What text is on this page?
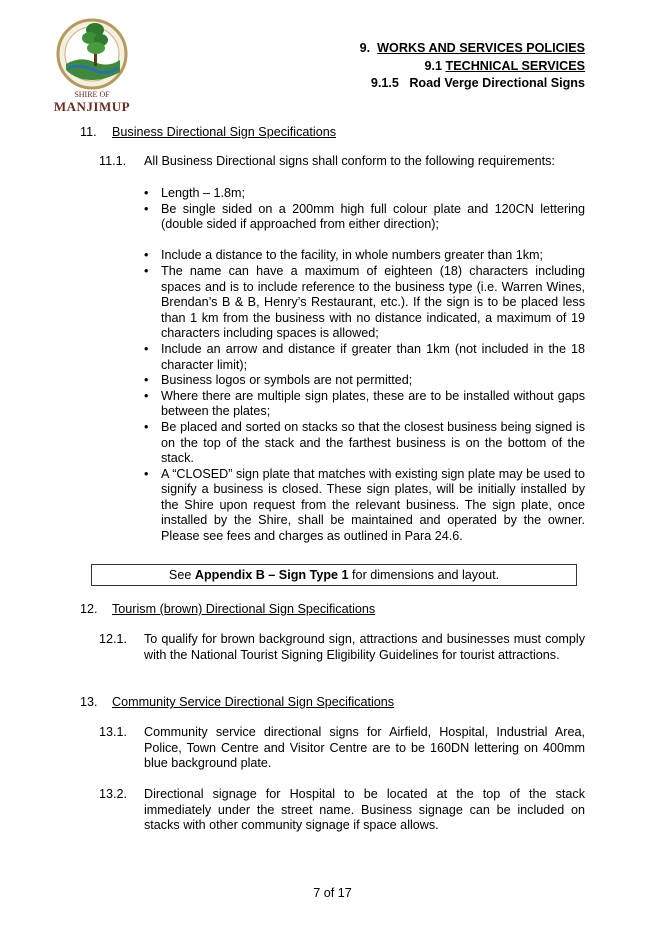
SHIRE OF
MANJIMUP
9. WORKS AND SERVICES POLICIES
9.1 TECHNICAL SERVICES
9.1.5   Road Verge Directional Signs
11. Business Directional Sign Specifications
11.1. All Business Directional signs shall conform to the following requirements:
• Length – 1.8m;
• Be single sided on a 200mm high full colour plate and 120CN lettering (double sided if approached from either direction);
• Include a distance to the facility, in whole numbers greater than 1km;
• The name can have a maximum of eighteen (18) characters including spaces and is to include reference to the business type (i.e. Warren Wines, Brendan’s B & B, Henry’s Restaurant, etc.). If the sign is to be placed less than 1 km from the business with no distance indicated, a maximum of 19 characters including spaces is allowed;
• Include an arrow and distance if greater than 1km (not included in the 18 character limit);
• Business logos or symbols are not permitted;
• Where there are multiple sign plates, these are to be installed without gaps between the plates;
• Be placed and sorted on stacks so that the closest business being signed is on the top of the stack and the farthest business is on the bottom of the stack.
• A “CLOSED” sign plate that matches with existing sign plate may be used to signify a business is closed. These sign plates, will be initially installed by the Shire upon request from the relevant business. The sign plate, once installed by the Shire, shall be maintained and operated by the owner. Please see fees and charges as outlined in Para 24.6.
See Appendix B – Sign Type 1 for dimensions and layout.
12. Tourism (brown) Directional Sign Specifications
12.1. To qualify for brown background sign, attractions and businesses must comply with the National Tourist Signing Eligibility Guidelines for tourist attractions.
13. Community Service Directional Sign Specifications
13.1. Community service directional signs for Airfield, Hospital, Industrial Area, Police, Town Centre and Visitor Centre are to be 160DN lettering on 400mm blue background plate.
13.2. Directional signage for Hospital to be located at the top of the stack immediately under the street name. Business signage can be included on stacks with other community signage if space allows.
7 of 17
